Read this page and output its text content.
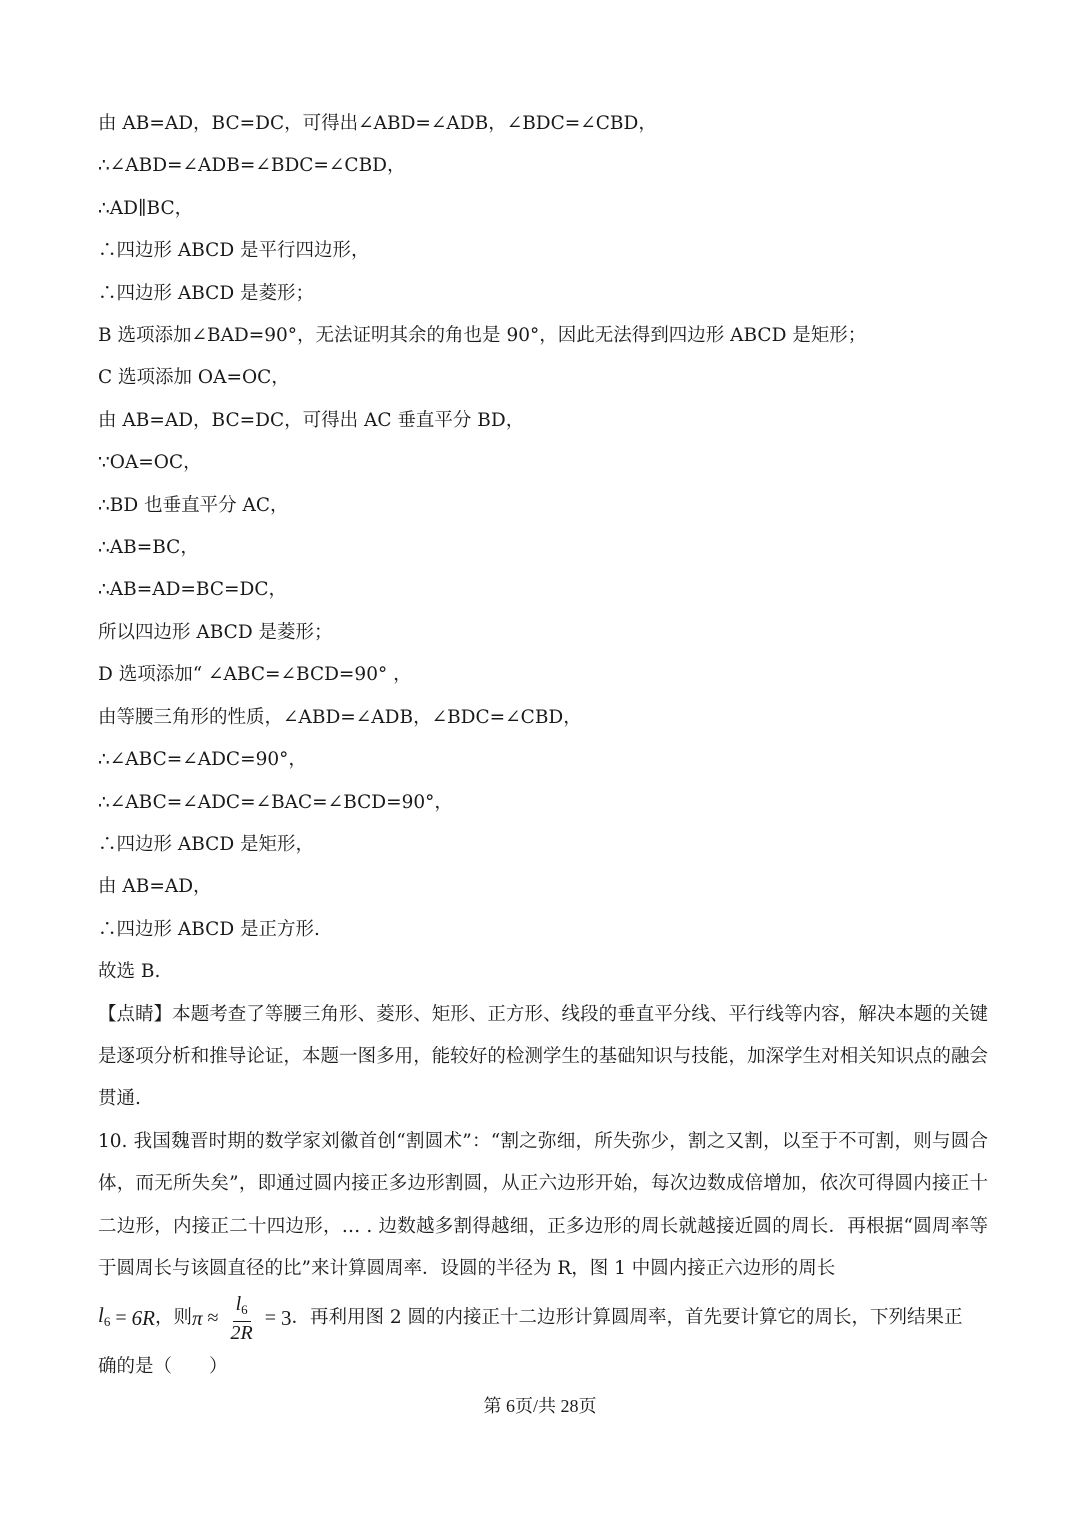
由 AB=AD，BC=DC，可得出∠ABD=∠ADB，∠BDC=∠CBD，
∴∠ABD=∠ADB=∠BDC=∠CBD，
∴AD∥BC，
∴四边形 ABCD 是平行四边形，
∴四边形 ABCD 是菱形；
B 选项添加∠BAD=90°，无法证明其余的角也是 90°，因此无法得到四边形 ABCD 是矩形；
C 选项添加 OA=OC，
由 AB=AD，BC=DC，可得出 AC 垂直平分 BD，
∵OA=OC，
∴BD 也垂直平分 AC，
∴AB=BC，
∴AB=AD=BC=DC，
所以四边形 ABCD 是菱形；
D 选项添加“ ∠ABC=∠BCD=90° ，
由等腰三角形的性质，∠ABD=∠ADB，∠BDC=∠CBD，
∴∠ABC=∠ADC=90°，
∴∠ABC=∠ADC=∠BAC=∠BCD=90°，
∴四边形 ABCD 是矩形，
由 AB=AD，
∴四边形 ABCD 是正方形.
故选 B.
【点睛】本题考查了等腰三角形、菱形、矩形、正方形、线段的垂直平分线、平行线等内容，解决本题的关键是逐项分析和推导论证，本题一图多用，能较好的检测学生的基础知识与技能，加深学生对相关知识点的融会贯通.
10. 我国魏晋时期的数学家刘徽首创“割圆术”：“割之弥细，所失弥少，割之又割，以至于不可割，则与圆合体，而无所失矣”，即通过圆内接正多边形割圆，从正六边形开始，每次边数成倍增加，依次可得圆内接正十二边形，内接正二十四边形，… . 边数越多割得越细，正多边形的周长就越接近圆的周长．再根据“圆周率等于圆周长与该圆直径的比”来计算圆周率．设圆的半径为 R，图 1 中圆内接正六边形的周长
$l_6 = 6R$ ，则 $\pi \approx \frac{l_6}{2R} = 3$ ．再利用图 2 圆的内接正十二边形计算圆周率，首先要计算它的周长，下列结果正
确的是（　　）
第 6页/共 28页
